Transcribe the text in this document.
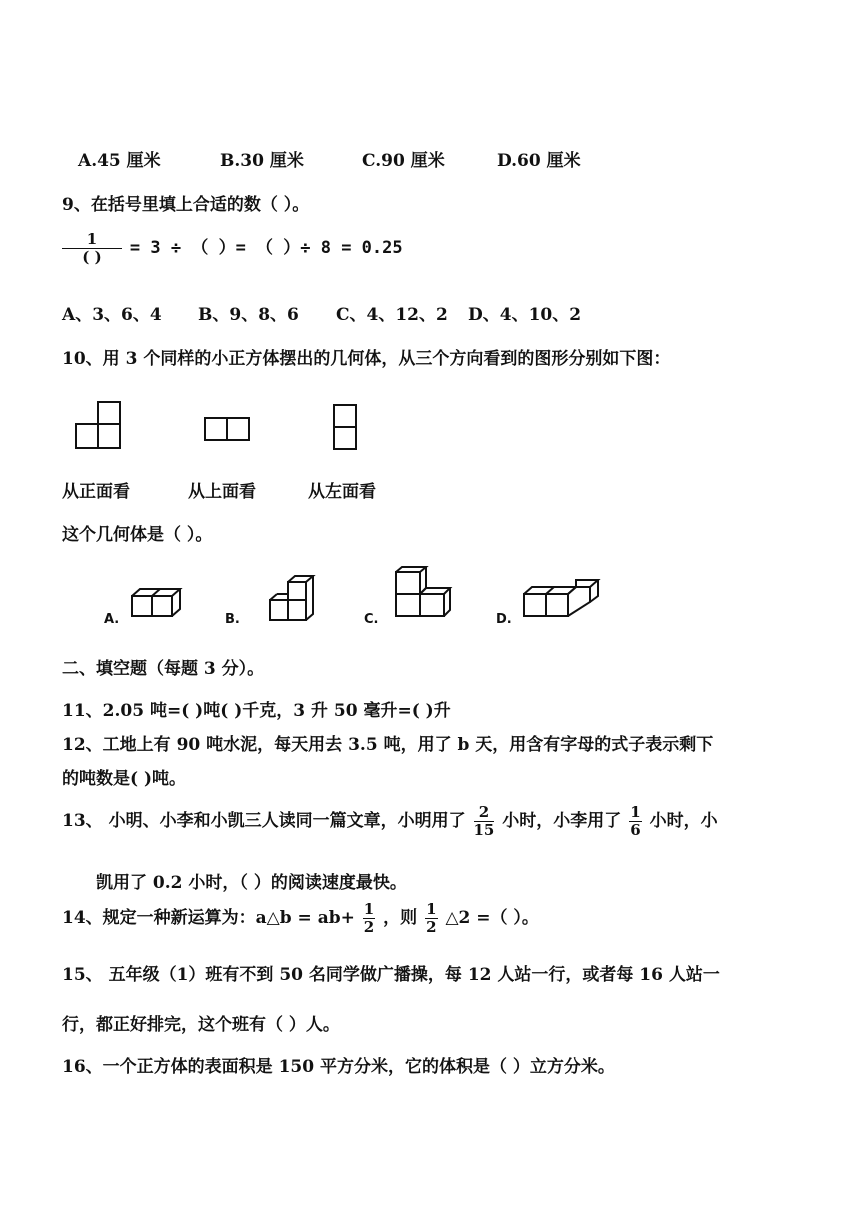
A.45 厘米	B.30 厘米	C.90 厘米	D.60 厘米
9、在括号里填上合适的数（ ）。
$\frac{1}{( )} = 3$ ÷ （ ）= （ ）÷ 8 = 0.25
A、3、6、4 B、9、8、6 C、4、12、2 D、4、10、2
10、用 3 个同样的小正方体摆出的几何体，从三个方向看到的图形分别如下图：
从正面看	从上面看	从左面看
这个几何体是（ ）。
A.	B.	C.	D.
二、填空题（每题 3 分）。
11、2.05 吨=( )吨( )千克，3 升 50 毫升=( )升
12、工地上有 90 吨水泥，每天用去 3.5 吨，用了 b 天，用含有字母的式子表示剩下
的吨数是( )吨。
13、 小明、小李和小凯三人读同一篇文章，小明用了 $\frac{2}{15}$ 小时，小李用了 $\frac{1}{6}$ 小时，小
凯用了 0.2 小时，（ ）的阅读速度最快。
14、规定一种新运算为：a△b = $ab+ \frac{1}{2}$ ，则 $\frac{1}{2}$ △2 =（ ）。
15、 五年级（1）班有不到 50 名同学做广播操，每 12 人站一行，或者每 16 人站一
行，都正好排完，这个班有（ ）人。
16、一个正方体的表面积是 150 平方分米，它的体积是（ ）立方分米。
